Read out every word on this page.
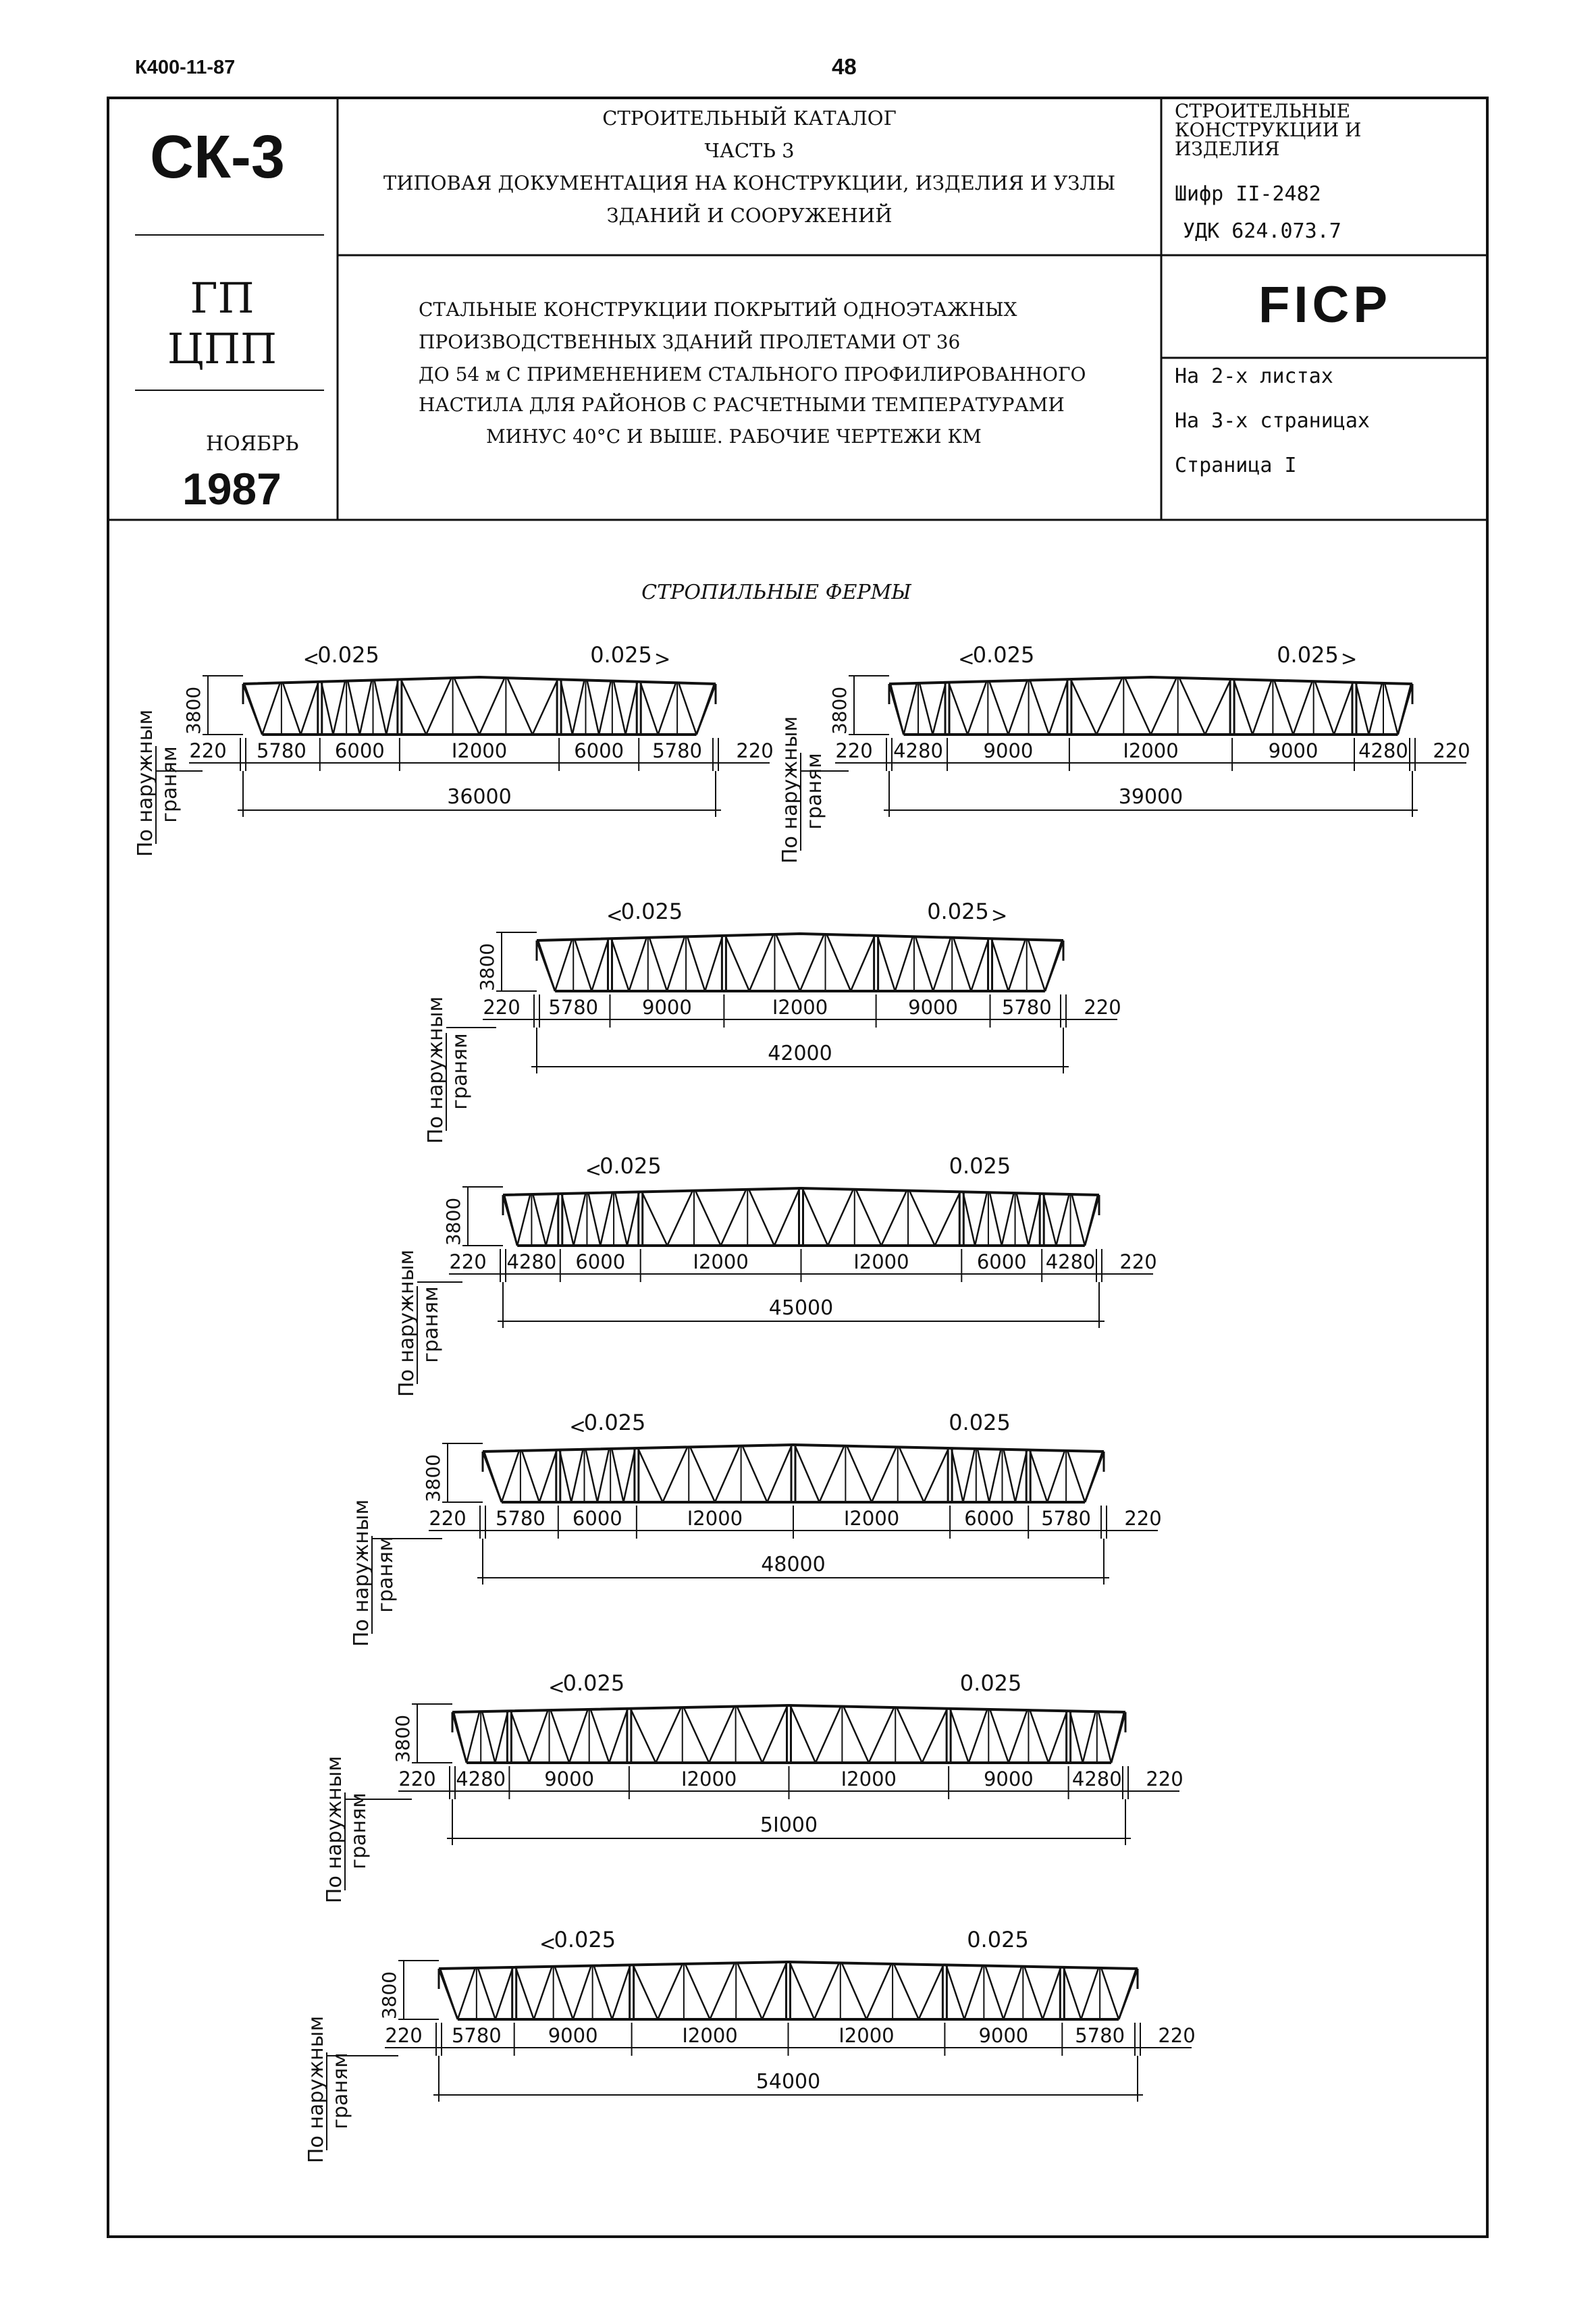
К400-11-87	48
СК-3
СТРОИТЕЛЬНЫЙ КАТАЛОГ
ЧАСТЬ 3
ТИПОВАЯ ДОКУМЕНТАЦИЯ НА КОНСТРУКЦИИ, ИЗДЕЛИЯ И УЗЛЫ
ЗДАНИЙ И СООРУЖЕНИЙ
СТРОИТЕЛЬНЫЕ
КОНСТРУКЦИИ И
ИЗДЕЛИЯ
Шифр II-2482
УДК 624.073.7
ГП
ЦПП
НОЯБРЬ
1987
СТАЛЬНЫЕ КОНСТРУКЦИИ ПОКРЫТИЙ ОДНОЭТАЖНЫХ
ПРОИЗВОДСТВЕННЫХ ЗДАНИЙ ПРОЛЕТАМИ ОТ 36
ДО 54 м С ПРИМЕНЕНИЕМ СТАЛЬНОГО ПРОФИЛИРОВАННОГО
НАСТИЛА ДЛЯ РАЙОНОВ С РАСЧЕТНЫМИ ТЕМПЕРАТУРАМИ
МИНУС 40°С И ВЫШЕ. РАБОЧИЕ ЧЕРТЕЖИ КМ
FICP
На 2-х листах
На 3-х страницах
Страница I
СТРОПИЛЬНЫЕ ФЕРМЫ
3800
0.025	0.025
220	220
5780 6000	I2000	6000 5780
36000
По наружным граням
3800
0.025	0.025
220	220
4280 9000	I2000	9000 4280
39000
По наружным граням
3800
0.025	0.025
220	220
5780 9000	I2000	9000 5780
42000
По наружным граням
3800
0.025	0.025
220	220
4280 6000	I2000	I2000	6000 4280
45000
По наружным граням
3800
0.025	0.025
220	220
5780 6000	I2000	I2000	6000 5780
48000
По наружным граням
3800
0.025	0.025
220	220
4280 9000	I2000	I2000	9000 4280
5I000
По наружным граням
3800
0.025	0.025
220	220
5780 9000	I2000	I2000	9000 5780
54000
По наружным граням
